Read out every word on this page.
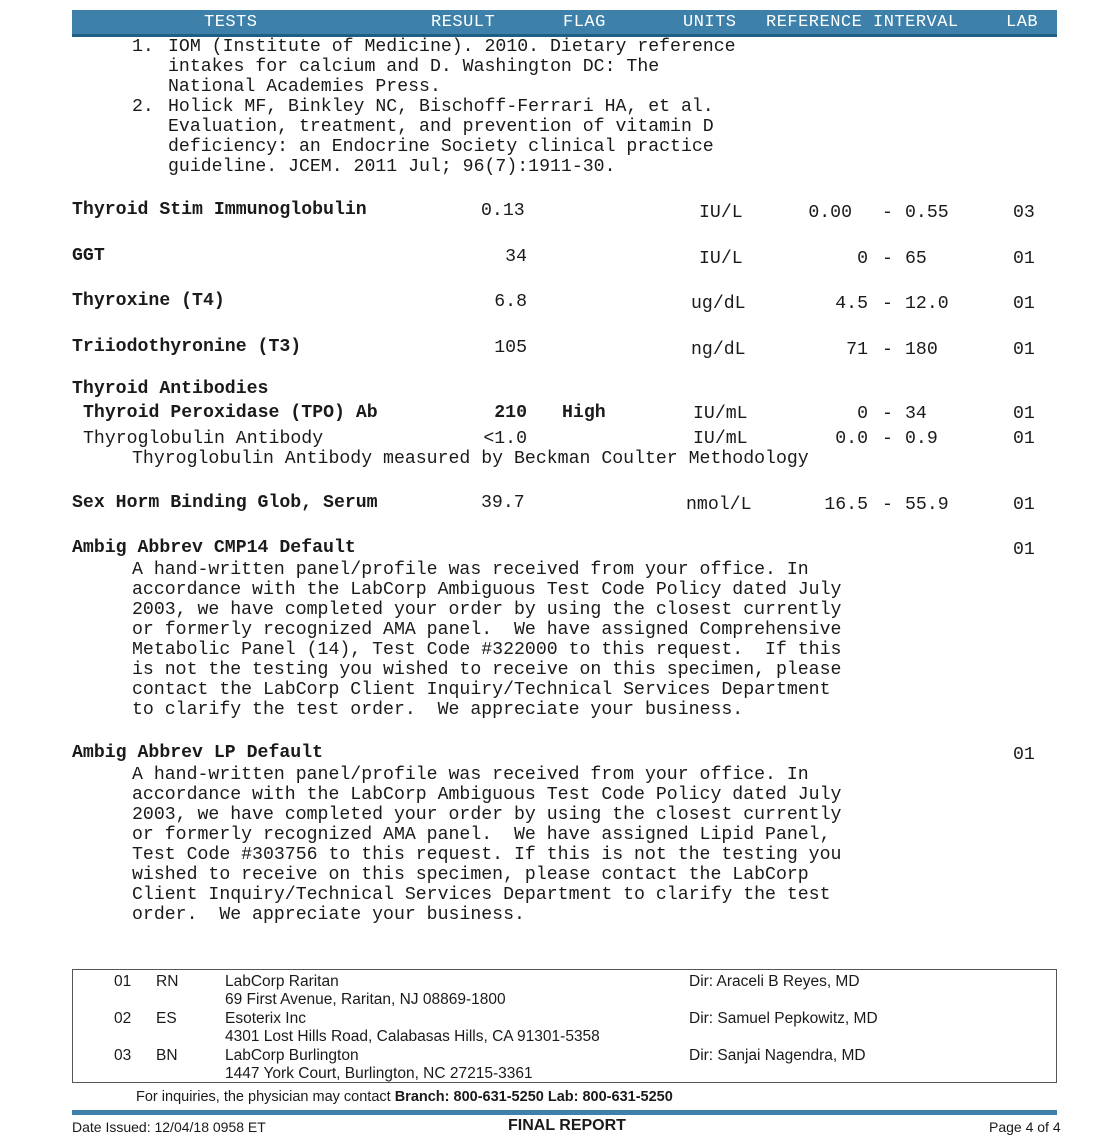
TESTS	RESULT	FLAG	UNITS REFERENCE INTERVAL	LAB
1. IOM (Institute of Medicine). 2010. Dietary reference
intakes for calcium and D. Washington DC: The
National Academies Press.
2. Holick MF, Binkley NC, Bischoff-Ferrari HA, et al.
Evaluation, treatment, and prevention of vitamin D
deficiency: an Endocrine Society clinical practice
guideline. JCEM. 2011 Jul; 96(7):1911-30.
Thyroid Stim Immunoglobulin	0.13	IU/L	0.00 - 0.55	03
GGT	34	IU/L	0 - 65	01
Thyroxine (T4)	6.8	ug/dL	4.5 - 12.0	01
Triiodothyronine (T3)	105	ng/dL	71 - 180	01
Thyroid Antibodies
Thyroid Peroxidase (TPO) Ab	210 High	IU/mL	0 - 34	01
Thyroglobulin Antibody	<1.0	IU/mL	0.0 - 0.9	01
Thyroglobulin Antibody measured by Beckman Coulter Methodology
Sex Horm Binding Glob, Serum	39.7	nmol/L	16.5 - 55.9	01
Ambig Abbrev CMP14 Default	01
A hand-written panel/profile was received from your office. In
accordance with the LabCorp Ambiguous Test Code Policy dated July
2003, we have completed your order by using the closest currently
or formerly recognized AMA panel.  We have assigned Comprehensive
Metabolic Panel (14), Test Code #322000 to this request.  If this
is not the testing you wished to receive on this specimen, please
contact the LabCorp Client Inquiry/Technical Services Department
to clarify the test order.  We appreciate your business.
Ambig Abbrev LP Default	01
A hand-written panel/profile was received from your office. In
accordance with the LabCorp Ambiguous Test Code Policy dated July
2003, we have completed your order by using the closest currently
or formerly recognized AMA panel.  We have assigned Lipid Panel,
Test Code #303756 to this request. If this is not the testing you
wished to receive on this specimen, please contact the LabCorp
Client Inquiry/Technical Services Department to clarify the test
order.  We appreciate your business.
01 RN	LabCorp Raritan
69 First Avenue, Raritan, NJ 08869-1800
Dir: Araceli B Reyes, MD
02 ES	Esoterix Inc
4301 Lost Hills Road, Calabasas Hills, CA 91301-5358
Dir: Samuel Pepkowitz, MD
03 BN	LabCorp Burlington
1447 York Court, Burlington, NC 27215-3361
Dir: Sanjai Nagendra, MD
For inquiries, the physician may contact Branch: 800-631-5250 Lab: 800-631-5250
Date Issued: 12/04/18 0958 ET	FINAL REPORT	Page 4 of 4
